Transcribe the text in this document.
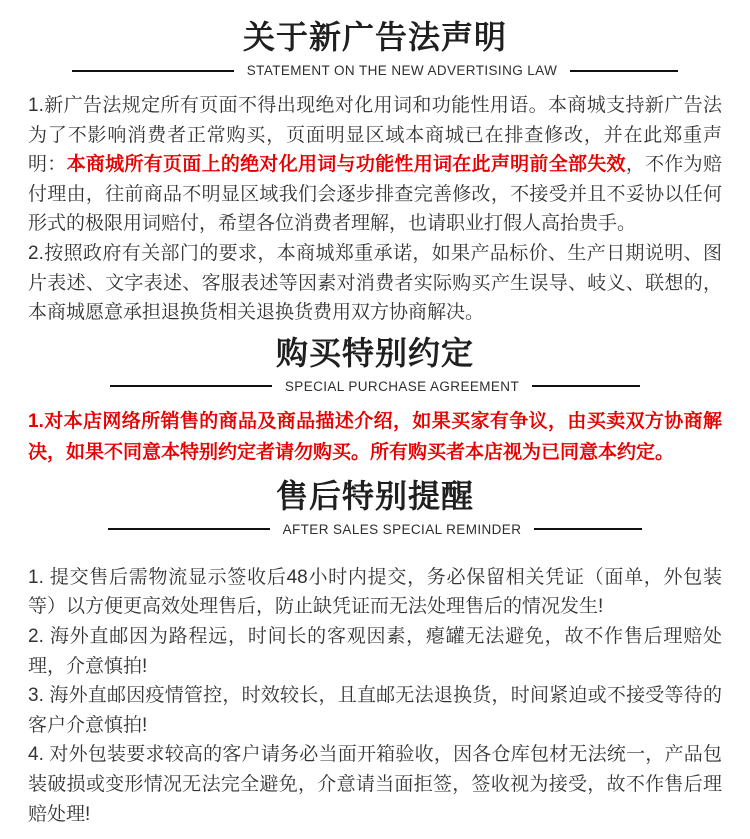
关于新广告法声明
STATEMENT ON THE NEW ADVERTISING LAW

1.新广告法规定所有页面不得出现绝对化用词和功能性用语。本商城支持新广告法为了不影响消费者正常购买，页面明显区域本商城已在排查修改，并在此郑重声明：本商城所有页面上的绝对化用词与功能性用词在此声明前全部失效，不作为赔付理由，往前商品不明显区域我们会逐步排查完善修改，不接受并且不妥协以任何形式的极限用词赔付，希望各位消费者理解，也请职业打假人高抬贵手。

2.按照政府有关部门的要求，本商城郑重承诺，如果产品标价、生产日期说明、图片表述、文字表述、客服表述等因素对消费者实际购买产生误导、岐义、联想的，本商城愿意承担退换货相关退换货费用双方协商解决。

购买特别约定
SPECIAL PURCHASE AGREEMENT

1.对本店网络所销售的商品及商品描述介绍，如果买家有争议，由买卖双方协商解决，如果不同意本特别约定者请勿购买。所有购买者本店视为已同意本约定。

售后特别提醒
AFTER SALES SPECIAL REMINDER

1. 提交售后需物流显示签收后48小时内提交，务必保留相关凭证（面单，外包装等）以方便更高效处理售后，防止缺凭证而无法处理售后的情况发生!

2. 海外直邮因为路程远，时间长的客观因素，瘪罐无法避免，故不作售后理赔处理，介意慎拍!

3. 海外直邮因疫情管控，时效较长，且直邮无法退换货，时间紧迫或不接受等待的客户介意慎拍!

4. 对外包装要求较高的客户请务必当面开箱验收，因各仓库包材无法统一，产品包装破损或变形情况无法完全避免，介意请当面拒签，签收视为接受，故不作售后理赔处理!
